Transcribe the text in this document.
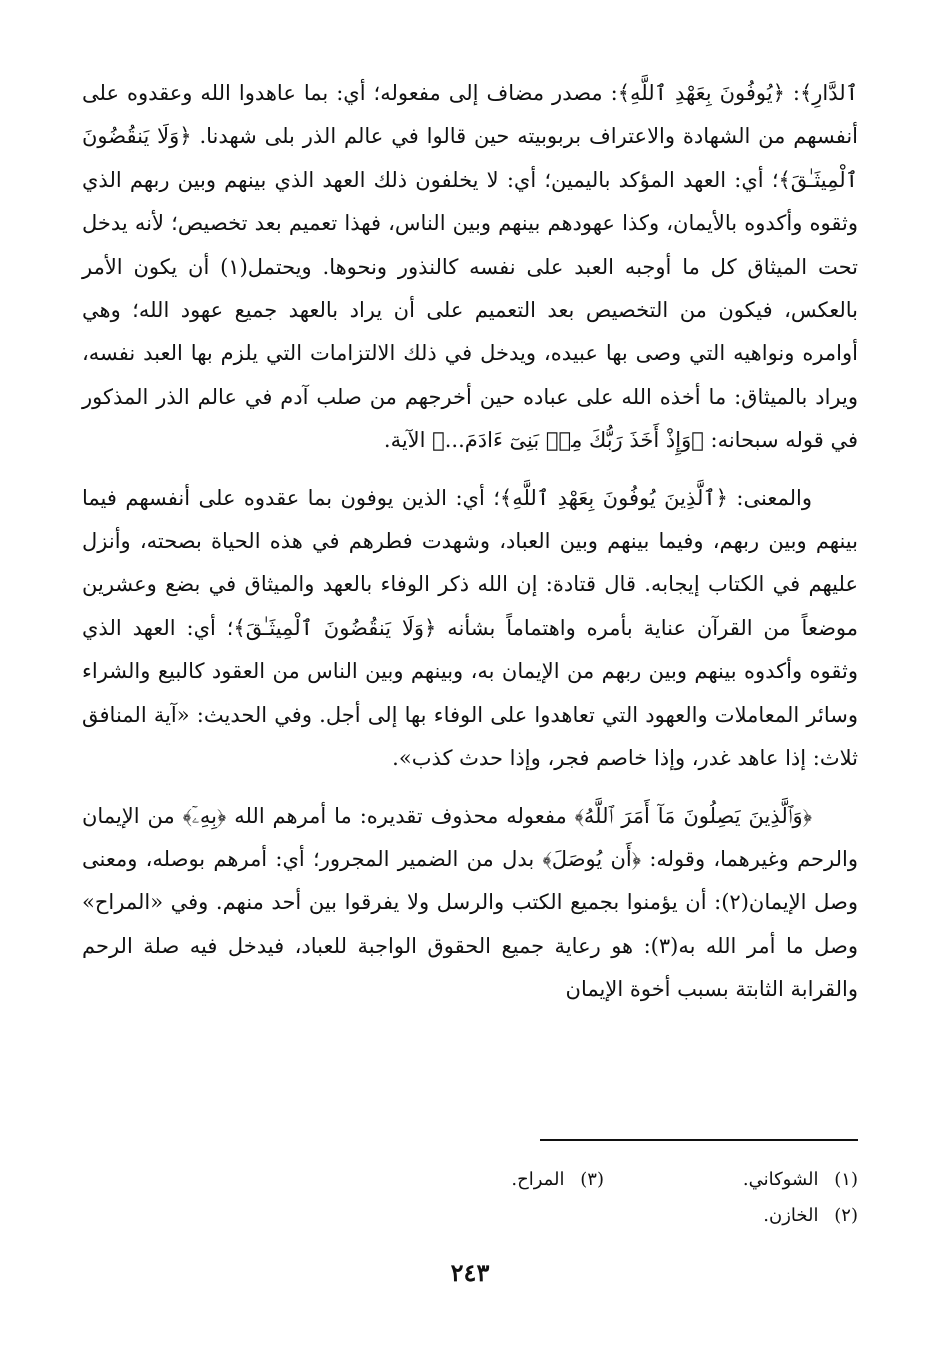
ٱلدَّارِ﴾: ﴿يُوفُونَ بِعَهْدِ ٱللَّهِ﴾: مصدر مضاف إلى مفعوله؛ أي: بما عاهدوا الله وعقدوه على أنفسهم من الشهادة والاعتراف بربوبيته حين قالوا في عالم الذر بلى شهدنا. ﴿وَلَا يَنقُضُونَ ٱلْمِيثَـٰقَ﴾؛ أي: العهد المؤكد باليمين؛ أي: لا يخلفون ذلك العهد الذي بينهم وبين ربهم الذي وثقوه وأكدوه بالأيمان، وكذا عهودهم بينهم وبين الناس، فهذا تعميم بعد تخصيص؛ لأنه يدخل تحت الميثاق كل ما أوجبه العبد على نفسه كالنذور ونحوها. ويحتمل(١) أن يكون الأمر بالعكس، فيكون من التخصيص بعد التعميم على أن يراد بالعهد جميع عهود الله؛ وهي أوامره ونواهيه التي وصى بها عبيده، ويدخل في ذلك الالتزامات التي يلزم بها العبد نفسه، ويراد بالميثاق: ما أخذه الله على عباده حين أخرجهم من صلب آدم في عالم الذر المذكور في قوله سبحانه: ﴿وَإِذْ أَخَذَ رَبُّكَ مِنۢ بَنِىٓ ءَادَمَ...﴾ الآية.

والمعنى: ﴿ٱلَّذِينَ يُوفُونَ بِعَهْدِ ٱللَّهِ﴾؛ أي: الذين يوفون بما عقدوه على أنفسهم فيما بينهم وبين ربهم، وفيما بينهم وبين العباد، وشهدت فطرهم في هذه الحياة بصحته، وأنزل عليهم في الكتاب إيجابه. قال قتادة: إن الله ذكر الوفاء بالعهد والميثاق في بضع وعشرين موضعاً من القرآن عناية بأمره واهتماماً بشأنه ﴿وَلَا يَنقُضُونَ ٱلْمِيثَـٰقَ﴾؛ أي: العهد الذي وثقوه وأكدوه بينهم وبين ربهم من الإيمان به، وبينهم وبين الناس من العقود كالبيع والشراء وسائر المعاملات والعهود التي تعاهدوا على الوفاء بها إلى أجل. وفي الحديث: «آية المنافق ثلاث: إذا عاهد غدر، وإذا خاصم فجر، وإذا حدث كذب».

﴿وَٱلَّذِينَ يَصِلُونَ مَآ أَمَرَ ٱللَّهُ﴾ مفعوله محذوف تقديره: ما أمرهم الله ﴿بِهِۦٓ﴾ من الإيمان والرحم وغيرهما، وقوله: ﴿أَن يُوصَلَ﴾ بدل من الضمير المجرور؛ أي: أمرهم بوصله، ومعنى وصل الإيمان(٢): أن يؤمنوا بجميع الكتب والرسل ولا يفرقوا بين أحد منهم. وفي «المراح» وصل ما أمر الله به(٣): هو رعاية جميع الحقوق الواجبة للعباد، فيدخل فيه صلة الرحم والقرابة الثابتة بسبب أخوة الإيمان

(١) الشوكاني.
(٣) المراح.
(٢) الخازن.
٢٤٣
